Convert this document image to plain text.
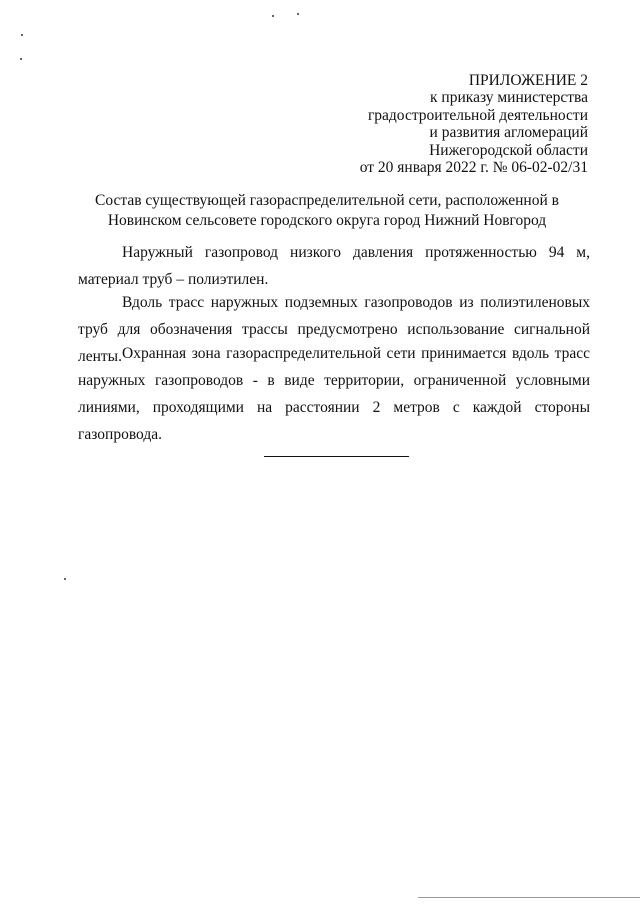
ПРИЛОЖЕНИЕ 2
к приказу министерства
градостроительной деятельности
и развития агломераций
Нижегородской области
от 20 января 2022 г. № 06-02-02/31
Состав существующей газораспределительной сети, расположенной в
Новинском сельсовете городского округа город Нижний Новгород

Наружный газопровод низкого давления протяженностью 94 м, материал труб – полиэтилен.

Вдоль трасс наружных подземных газопроводов из полиэтиленовых труб для обозначения трассы предусмотрено использование сигнальной ленты. Охранная зона газораспределительной сети принимается вдоль трасс наружных газопроводов - в виде территории, ограниченной условными линиями, проходящими на расстоянии 2 метров с каждой стороны газопровода.
